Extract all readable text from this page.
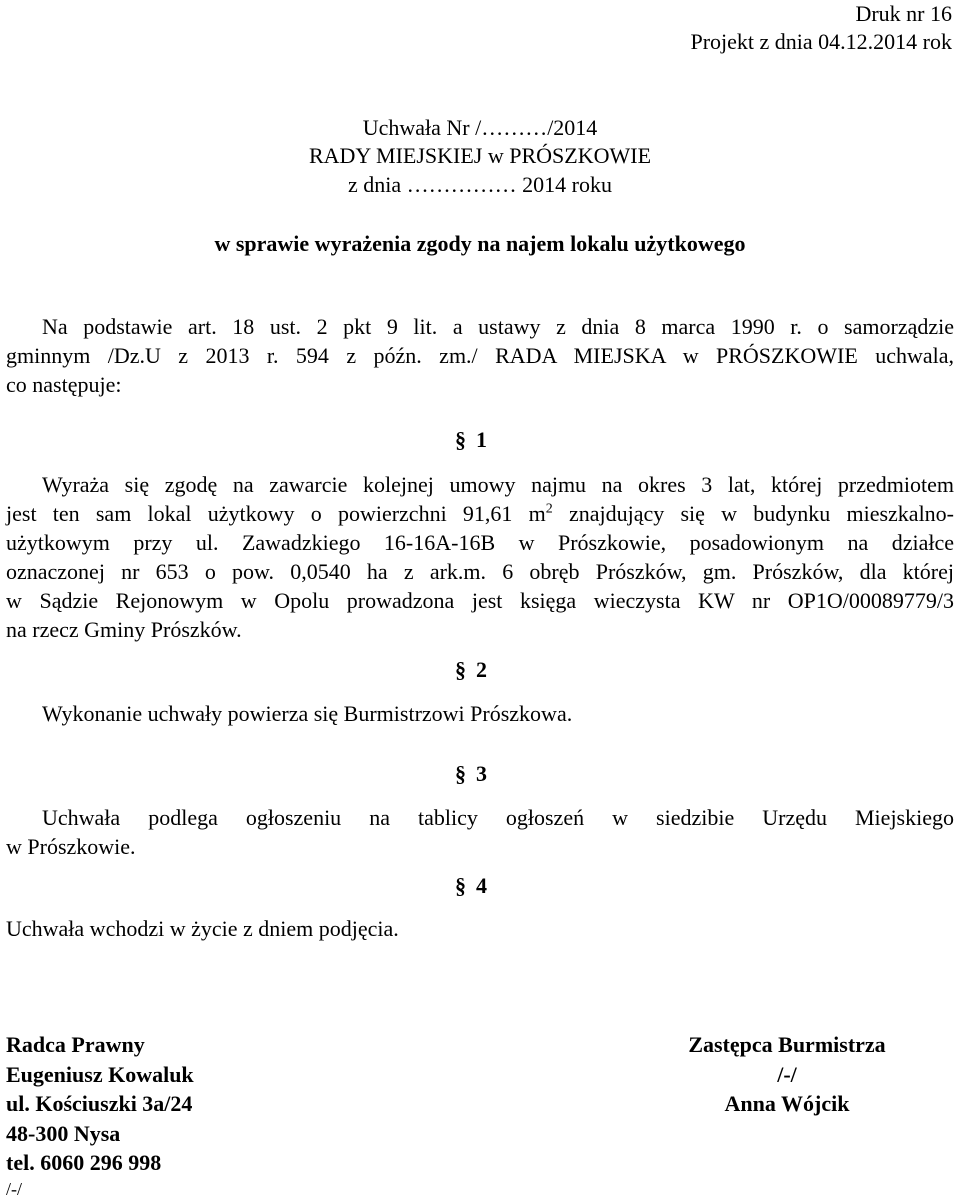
Druk nr 16
Projekt z dnia 04.12.2014 rok
Uchwała Nr /………/2014
RADY MIEJSKIEJ w PRÓSZKOWIE
z dnia …………… 2014 roku
w sprawie wyrażenia zgody na najem lokalu użytkowego
Na podstawie art. 18 ust. 2 pkt 9 lit. a ustawy z dnia 8 marca 1990 r. o samorządzie
gminnym /Dz.U z 2013 r. 594 z późn. zm./ RADA MIEJSKA w PRÓSZKOWIE uchwala,
co następuje:
§ 1
Wyraża się zgodę na zawarcie kolejnej umowy najmu na okres 3 lat, której przedmiotem
jest ten sam lokal użytkowy o powierzchni 91,61 $m^2$ znajdujący się w budynku mieszkalno-
użytkowym przy ul. Zawadzkiego 16-16A-16B w Prószkowie, posadowionym na działce
oznaczonej nr 653 o pow. 0,0540 ha z ark.m. 6 obręb Prószków, gm. Prószków, dla której
w Sądzie Rejonowym w Opolu prowadzona jest księga wieczysta KW nr OP1O/00089779/3
na rzecz Gminy Prószków.
§ 2
Wykonanie uchwały powierza się Burmistrzowi Prószkowa.
§ 3
Uchwała podlega ogłoszeniu na tablicy ogłoszeń w siedzibie Urzędu Miejskiego
w Prószkowie.
§ 4
Uchwała wchodzi w życie z dniem podjęcia.
Radca Prawny
Eugeniusz Kowaluk
ul. Kościuszki 3a/24
48-300 Nysa
tel. 6060 296 998
/-/
Zastępca Burmistrza
/-/
Anna Wójcik
